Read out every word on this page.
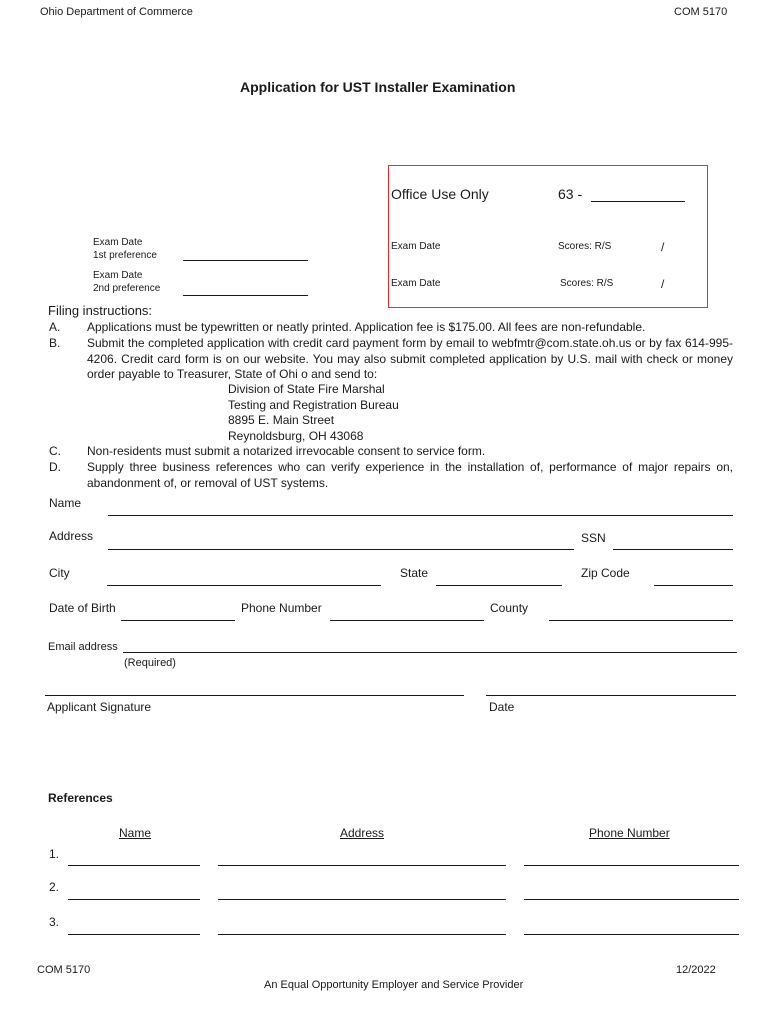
Ohio Department of Commerce	COM 5170
Application for UST Installer Examination
Exam Date
1st preference
Exam Date
2nd preference
Office Use Only	63 -
Exam Date	Scores: R/S	/
Exam Date	Scores: R/S	/
Filing instructions:
A. Applications must be typewritten or neatly printed. Application fee is $175.00. All fees are non-refundable.
B. Submit the completed application with credit card payment form by email to webfmtr@com.state.oh.us or by fax 614-995-4206. Credit card form is on our website. You may also submit completed application by U.S. mail with check or money order payable to Treasurer, State of Ohi o and send to:
Division of State Fire Marshal
Testing and Registration Bureau
8895 E. Main Street
Reynoldsburg, OH 43068
C. Non-residents must submit a notarized irrevocable consent to service form.
D. Supply three business references who can verify experience in the installation of, performance of major repairs on, abandonment of, or removal of UST systems.
Name
Address	SSN
City	State	Zip Code
Date of Birth	Phone Number	County
Email address
(Required)
Applicant Signature	Date
References
Name	Address	Phone Number
1.
2.
3.
COM 5170	12/2022
An Equal Opportunity Employer and Service Provider
